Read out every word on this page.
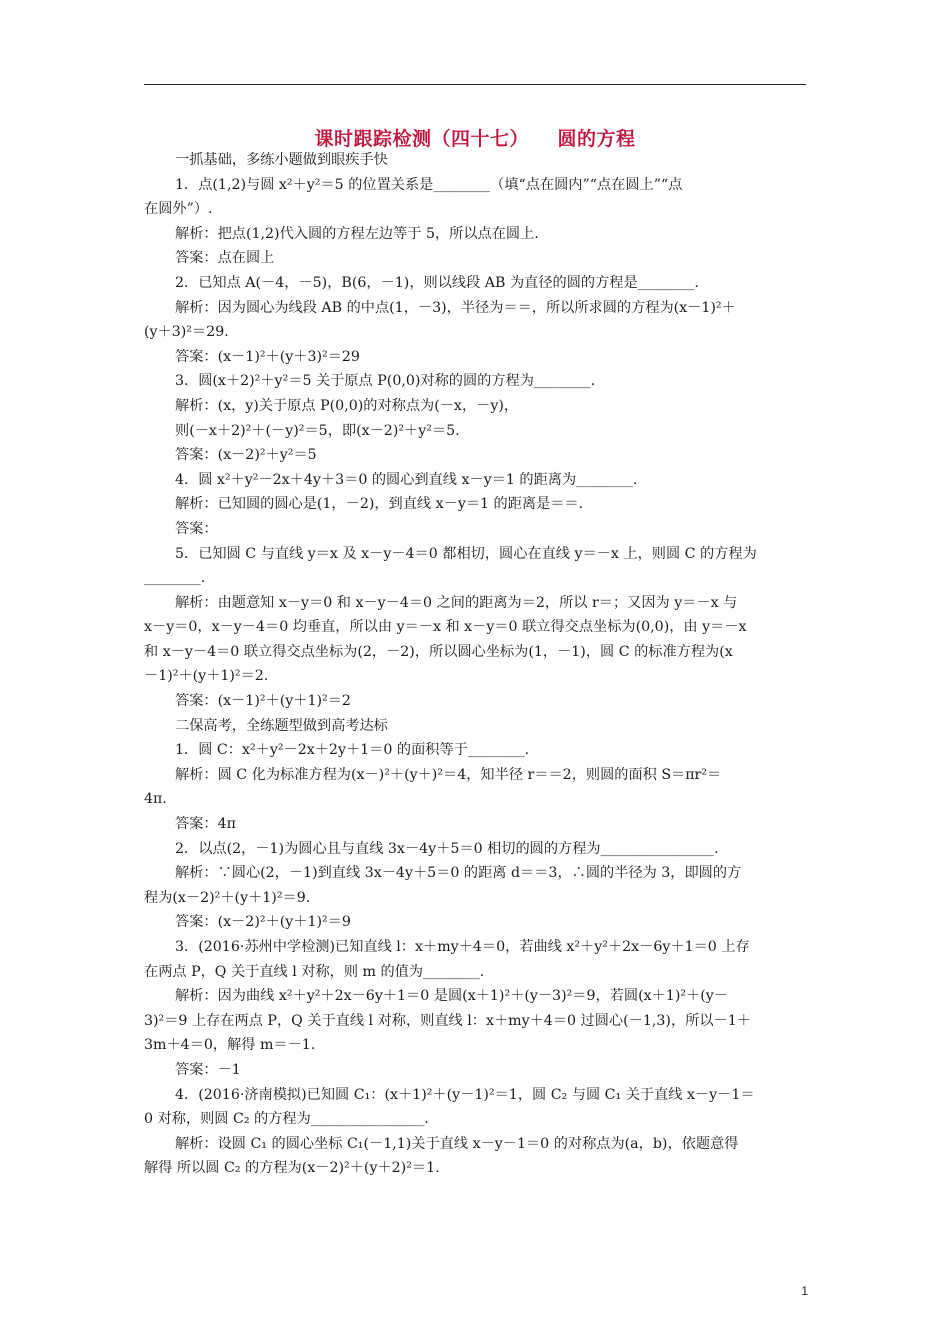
课时跟踪检测（四十七）    圆的方程

一抓基础，多练小题做到眼疾手快

1．点(1,2)与圆 x²＋y²＝5 的位置关系是________（填“点在圆内”“点在圆上”“点

在圆外”）.

解析：把点(1,2)代入圆的方程左边等于 5，所以点在圆上.

答案：点在圆上

2．已知点 A(－4，－5)，B(6，－1)，则以线段 AB 为直径的圆的方程是________.

解析：因为圆心为线段 AB 的中点(1，－3)，半径为＝＝，所以所求圆的方程为(x－1)²＋

(y＋3)²＝29.

答案：(x－1)²＋(y＋3)²＝29

3．圆(x＋2)²＋y²＝5 关于原点 P(0,0)对称的圆的方程为________.

解析：(x，y)关于原点 P(0,0)的对称点为(－x，－y)，

则(－x＋2)²＋(－y)²＝5，即(x－2)²＋y²＝5.

答案：(x－2)²＋y²＝5

4．圆 x²＋y²－2x＋4y＋3＝0 的圆心到直线 x－y＝1 的距离为________.

解析：已知圆的圆心是(1，－2)，到直线 x－y＝1 的距离是＝＝.

答案：

5．已知圆 C 与直线 y＝x 及 x－y－4＝0 都相切，圆心在直线 y＝－x 上，则圆 C 的方程为

________.

解析：由题意知 x－y＝0 和 x－y－4＝0 之间的距离为＝2，所以 r＝；又因为 y＝－x 与

x－y＝0，x－y－4＝0 均垂直，所以由 y＝－x 和 x－y＝0 联立得交点坐标为(0,0)，由 y＝－x

和 x－y－4＝0 联立得交点坐标为(2，－2)，所以圆心坐标为(1，－1)，圆 C 的标准方程为(x

－1)²＋(y＋1)²＝2.

答案：(x－1)²＋(y＋1)²＝2

二保高考，全练题型做到高考达标

1．圆 C：x²＋y²－2x＋2y＋1＝0 的面积等于________.

解析：圆 C 化为标准方程为(x－)²＋(y＋)²＝4，知半径 r＝＝2，则圆的面积 S＝πr²＝

4π.

答案：4π

2．以点(2，－1)为圆心且与直线 3x－4y＋5＝0 相切的圆的方程为________________.

解析：∵圆心(2，－1)到直线 3x－4y＋5＝0 的距离 d＝＝3，∴圆的半径为 3，即圆的方

程为(x－2)²＋(y＋1)²＝9.

答案：(x－2)²＋(y＋1)²＝9

3．(2016·苏州中学检测)已知直线 l：x＋my＋4＝0，若曲线 x²＋y²＋2x－6y＋1＝0 上存

在两点 P，Q 关于直线 l 对称，则 m 的值为________.

解析：因为曲线 x²＋y²＋2x－6y＋1＝0 是圆(x＋1)²＋(y－3)²＝9，若圆(x＋1)²＋(y－

3)²＝9 上存在两点 P，Q 关于直线 l 对称，则直线 l：x＋my＋4＝0 过圆心(－1,3)，所以－1＋

3m＋4＝0，解得 m＝－1.

答案：－1

4．(2016·济南模拟)已知圆 C₁：(x＋1)²＋(y－1)²＝1，圆 C₂ 与圆 C₁ 关于直线 x－y－1＝

0 对称，则圆 C₂ 的方程为________________.

解析：设圆 C₁ 的圆心坐标 C₁(－1,1)关于直线 x－y－1＝0 的对称点为(a，b)，依题意得

解得 所以圆 C₂ 的方程为(x－2)²＋(y＋2)²＝1.

1
